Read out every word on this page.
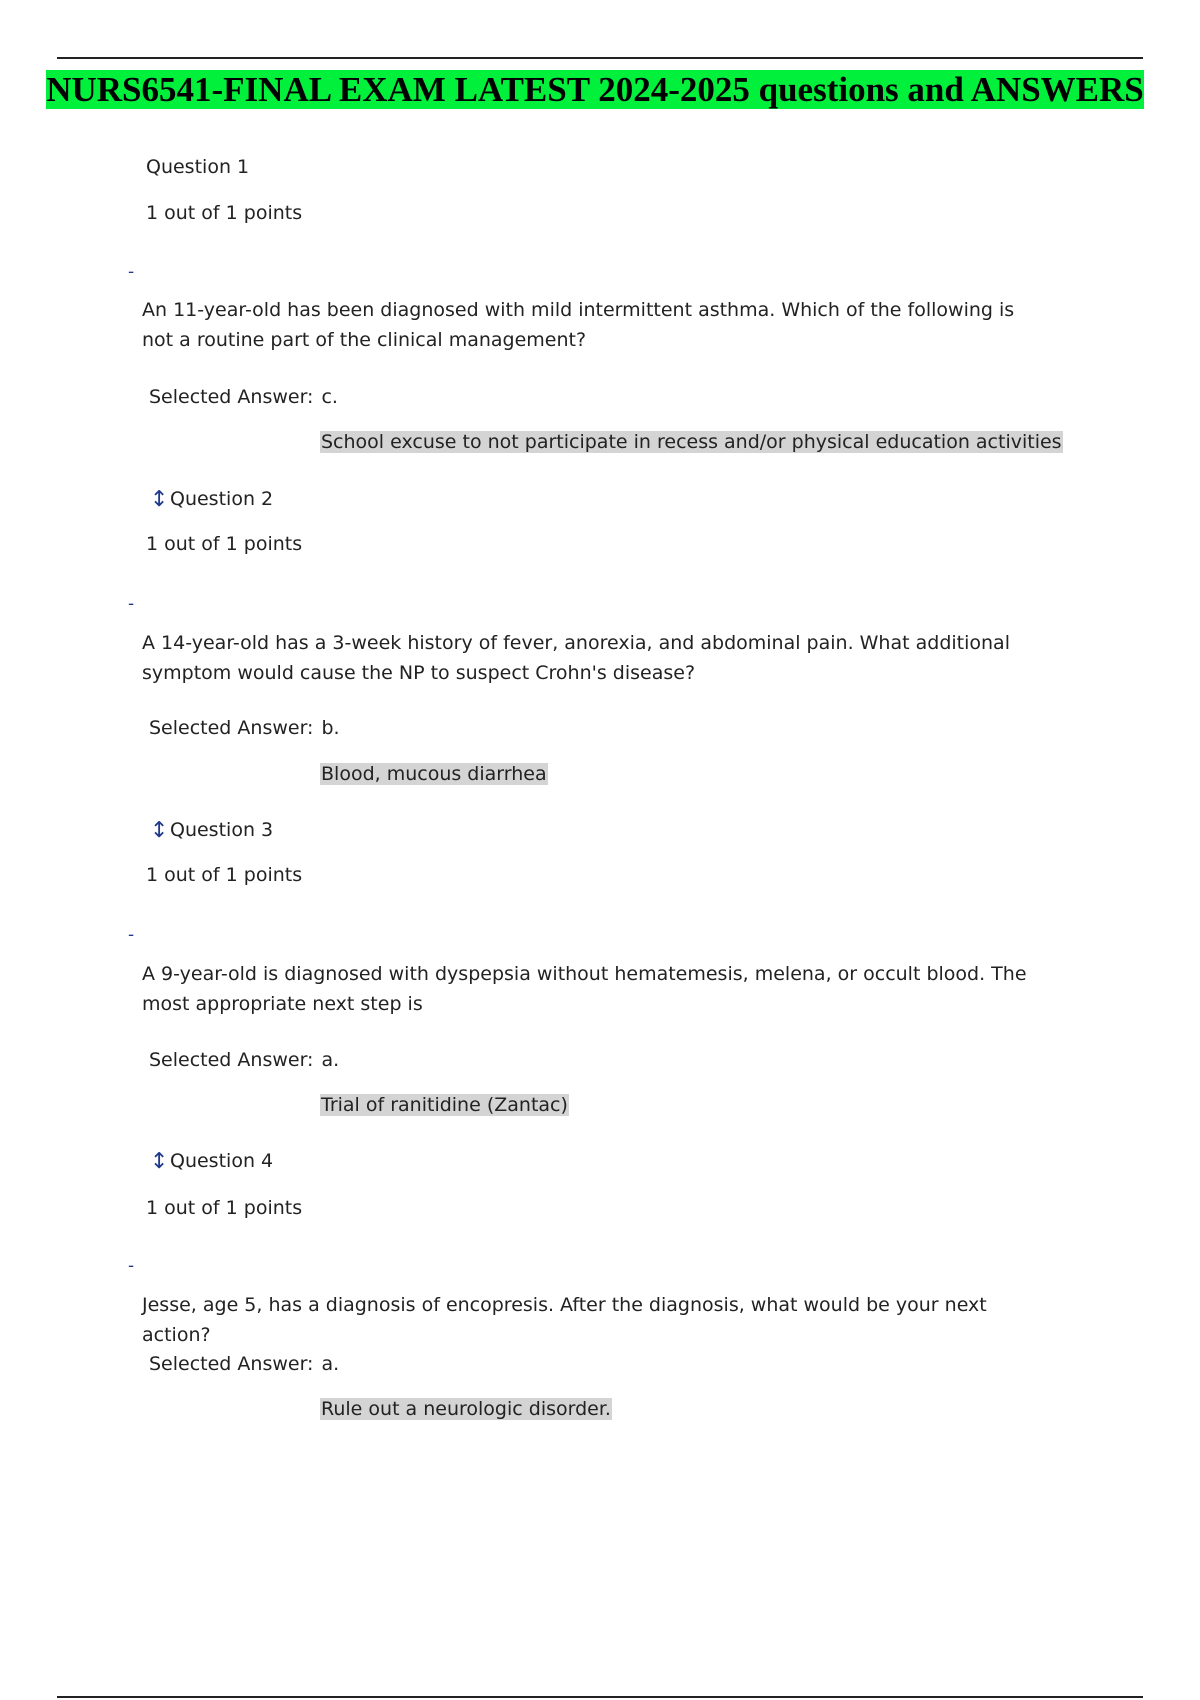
NURS6541-FINAL EXAM LATEST 2024-2025 questions and ANSWERS
Question 1
1 out of 1 points
-
An 11-year-old has been diagnosed with mild intermittent asthma. Which of the following is not a routine part of the clinical management?
Selected Answer: c.
School excuse to not participate in recess and/or physical education activities
↕Question 2
1 out of 1 points
-
A 14-year-old has a 3-week history of fever, anorexia, and abdominal pain. What additional symptom would cause the NP to suspect Crohn's disease?
Selected Answer: b.
Blood, mucous diarrhea
↕Question 3
1 out of 1 points
-
A 9-year-old is diagnosed with dyspepsia without hematemesis, melena, or occult blood. The most appropriate next step is
Selected Answer: a.
Trial of ranitidine (Zantac)
↕Question 4
1 out of 1 points
-
Jesse, age 5, has a diagnosis of encopresis. After the diagnosis, what would be your next action?
Selected Answer: a.
Rule out a neurologic disorder.
